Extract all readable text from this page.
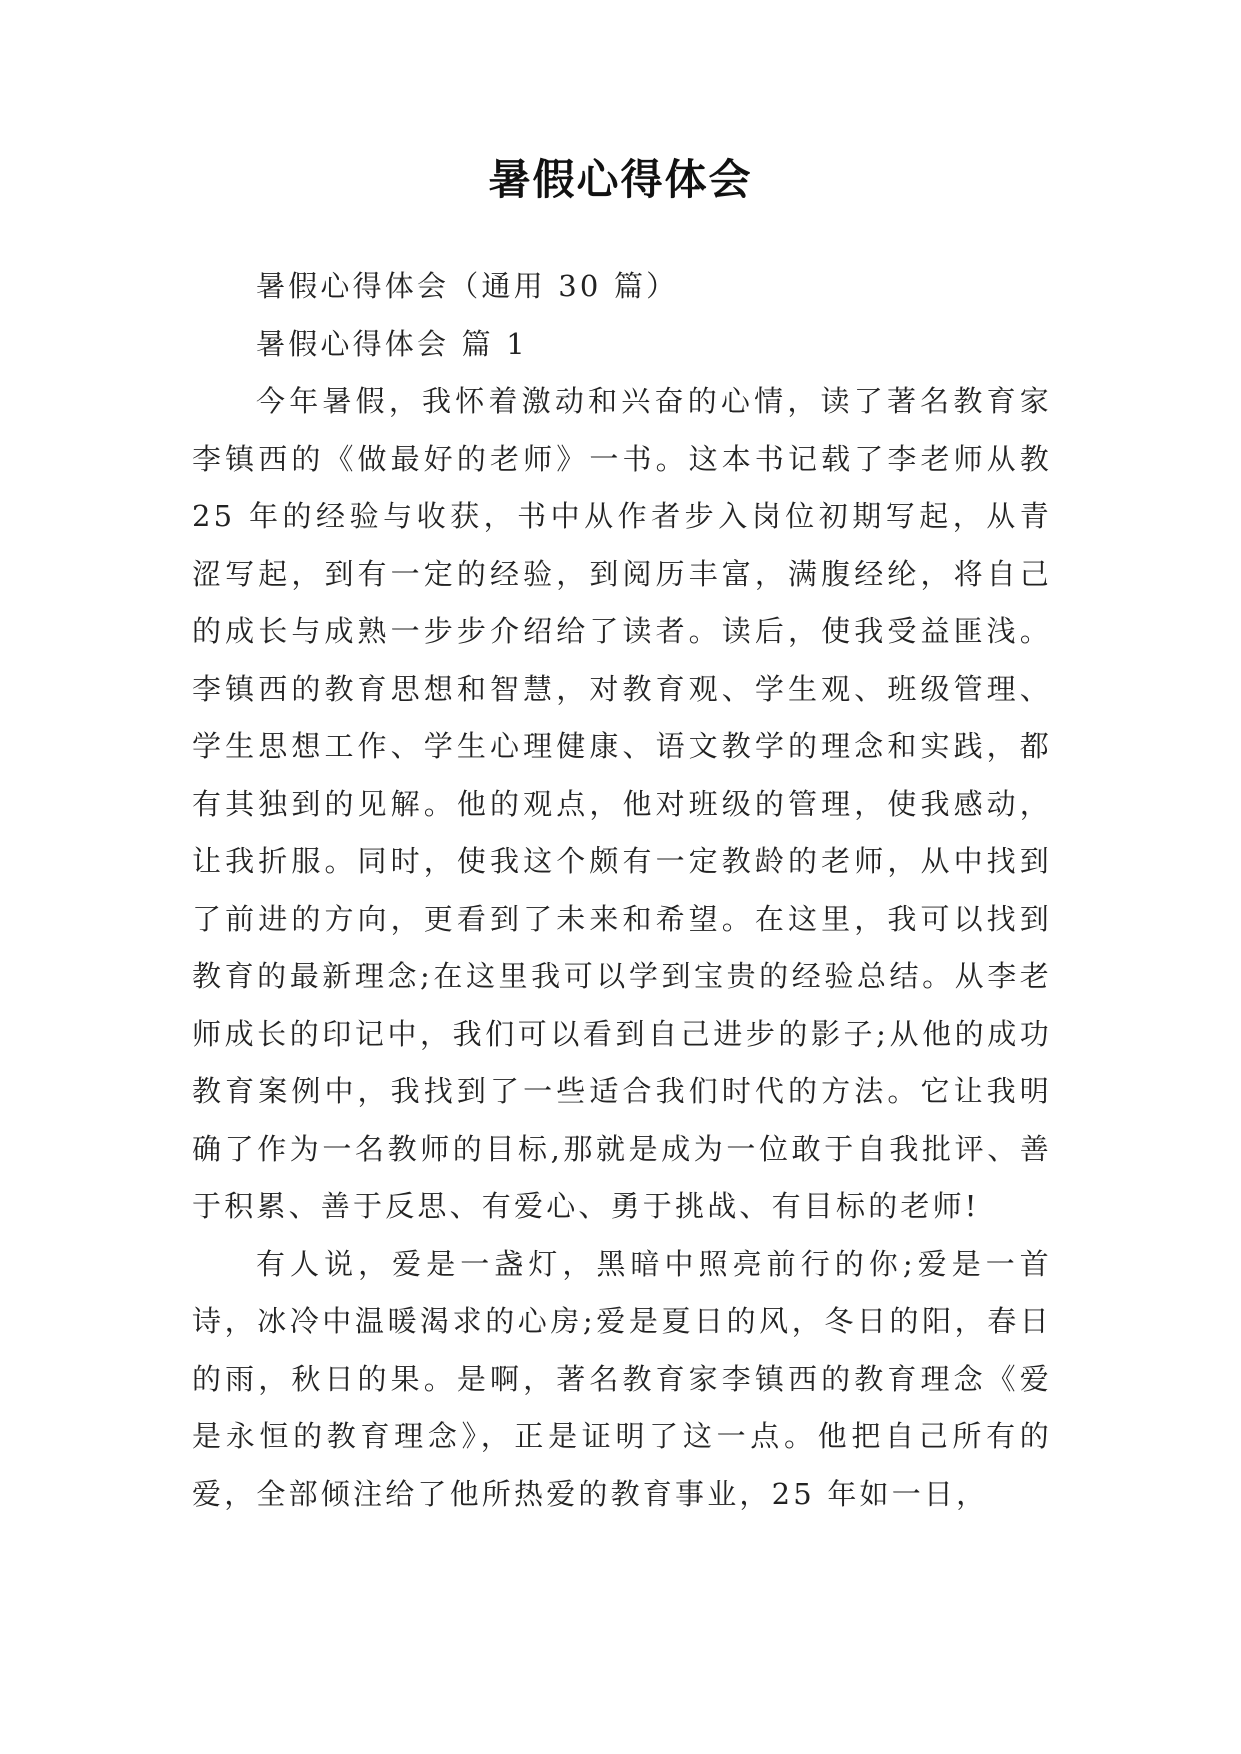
暑假心得体会
暑假心得体会（通用 30 篇）
暑假心得体会 篇 1

今年暑假，我怀着激动和兴奋的心情，读了著名教育家李镇西的《做最好的老师》一书。这本书记载了李老师从教 25 年的经验与收获，书中从作者步入岗位初期写起，从青涩写起，到有一定的经验，到阅历丰富，满腹经纶，将自己的成长与成熟一步步介绍给了读者。读后，使我受益匪浅。李镇西的教育思想和智慧，对教育观、学生观、班级管理、学生思想工作、学生心理健康、语文教学的理念和实践，都有其独到的见解。他的观点，他对班级的管理，使我感动，让我折服。同时，使我这个颇有一定教龄的老师，从中找到了前进的方向，更看到了未来和希望。在这里，我可以找到教育的最新理念;在这里我可以学到宝贵的经验总结。从李老师成长的印记中，我们可以看到自己进步的影子;从他的成功教育案例中，我找到了一些适合我们时代的方法。它让我明确了作为一名教师的目标,那就是成为一位敢于自我批评、善于积累、善于反思、有爱心、勇于挑战、有目标的老师!

有人说，爱是一盏灯，黑暗中照亮前行的你;爱是一首诗，冰冷中温暖渴求的心房;爱是夏日的风，冬日的阳，春日的雨，秋日的果。是啊，著名教育家李镇西的教育理念《爱是永恒的教育理念》，正是证明了这一点。他把自己所有的爱，全部倾注给了他所热爱的教育事业，25 年如一日，
